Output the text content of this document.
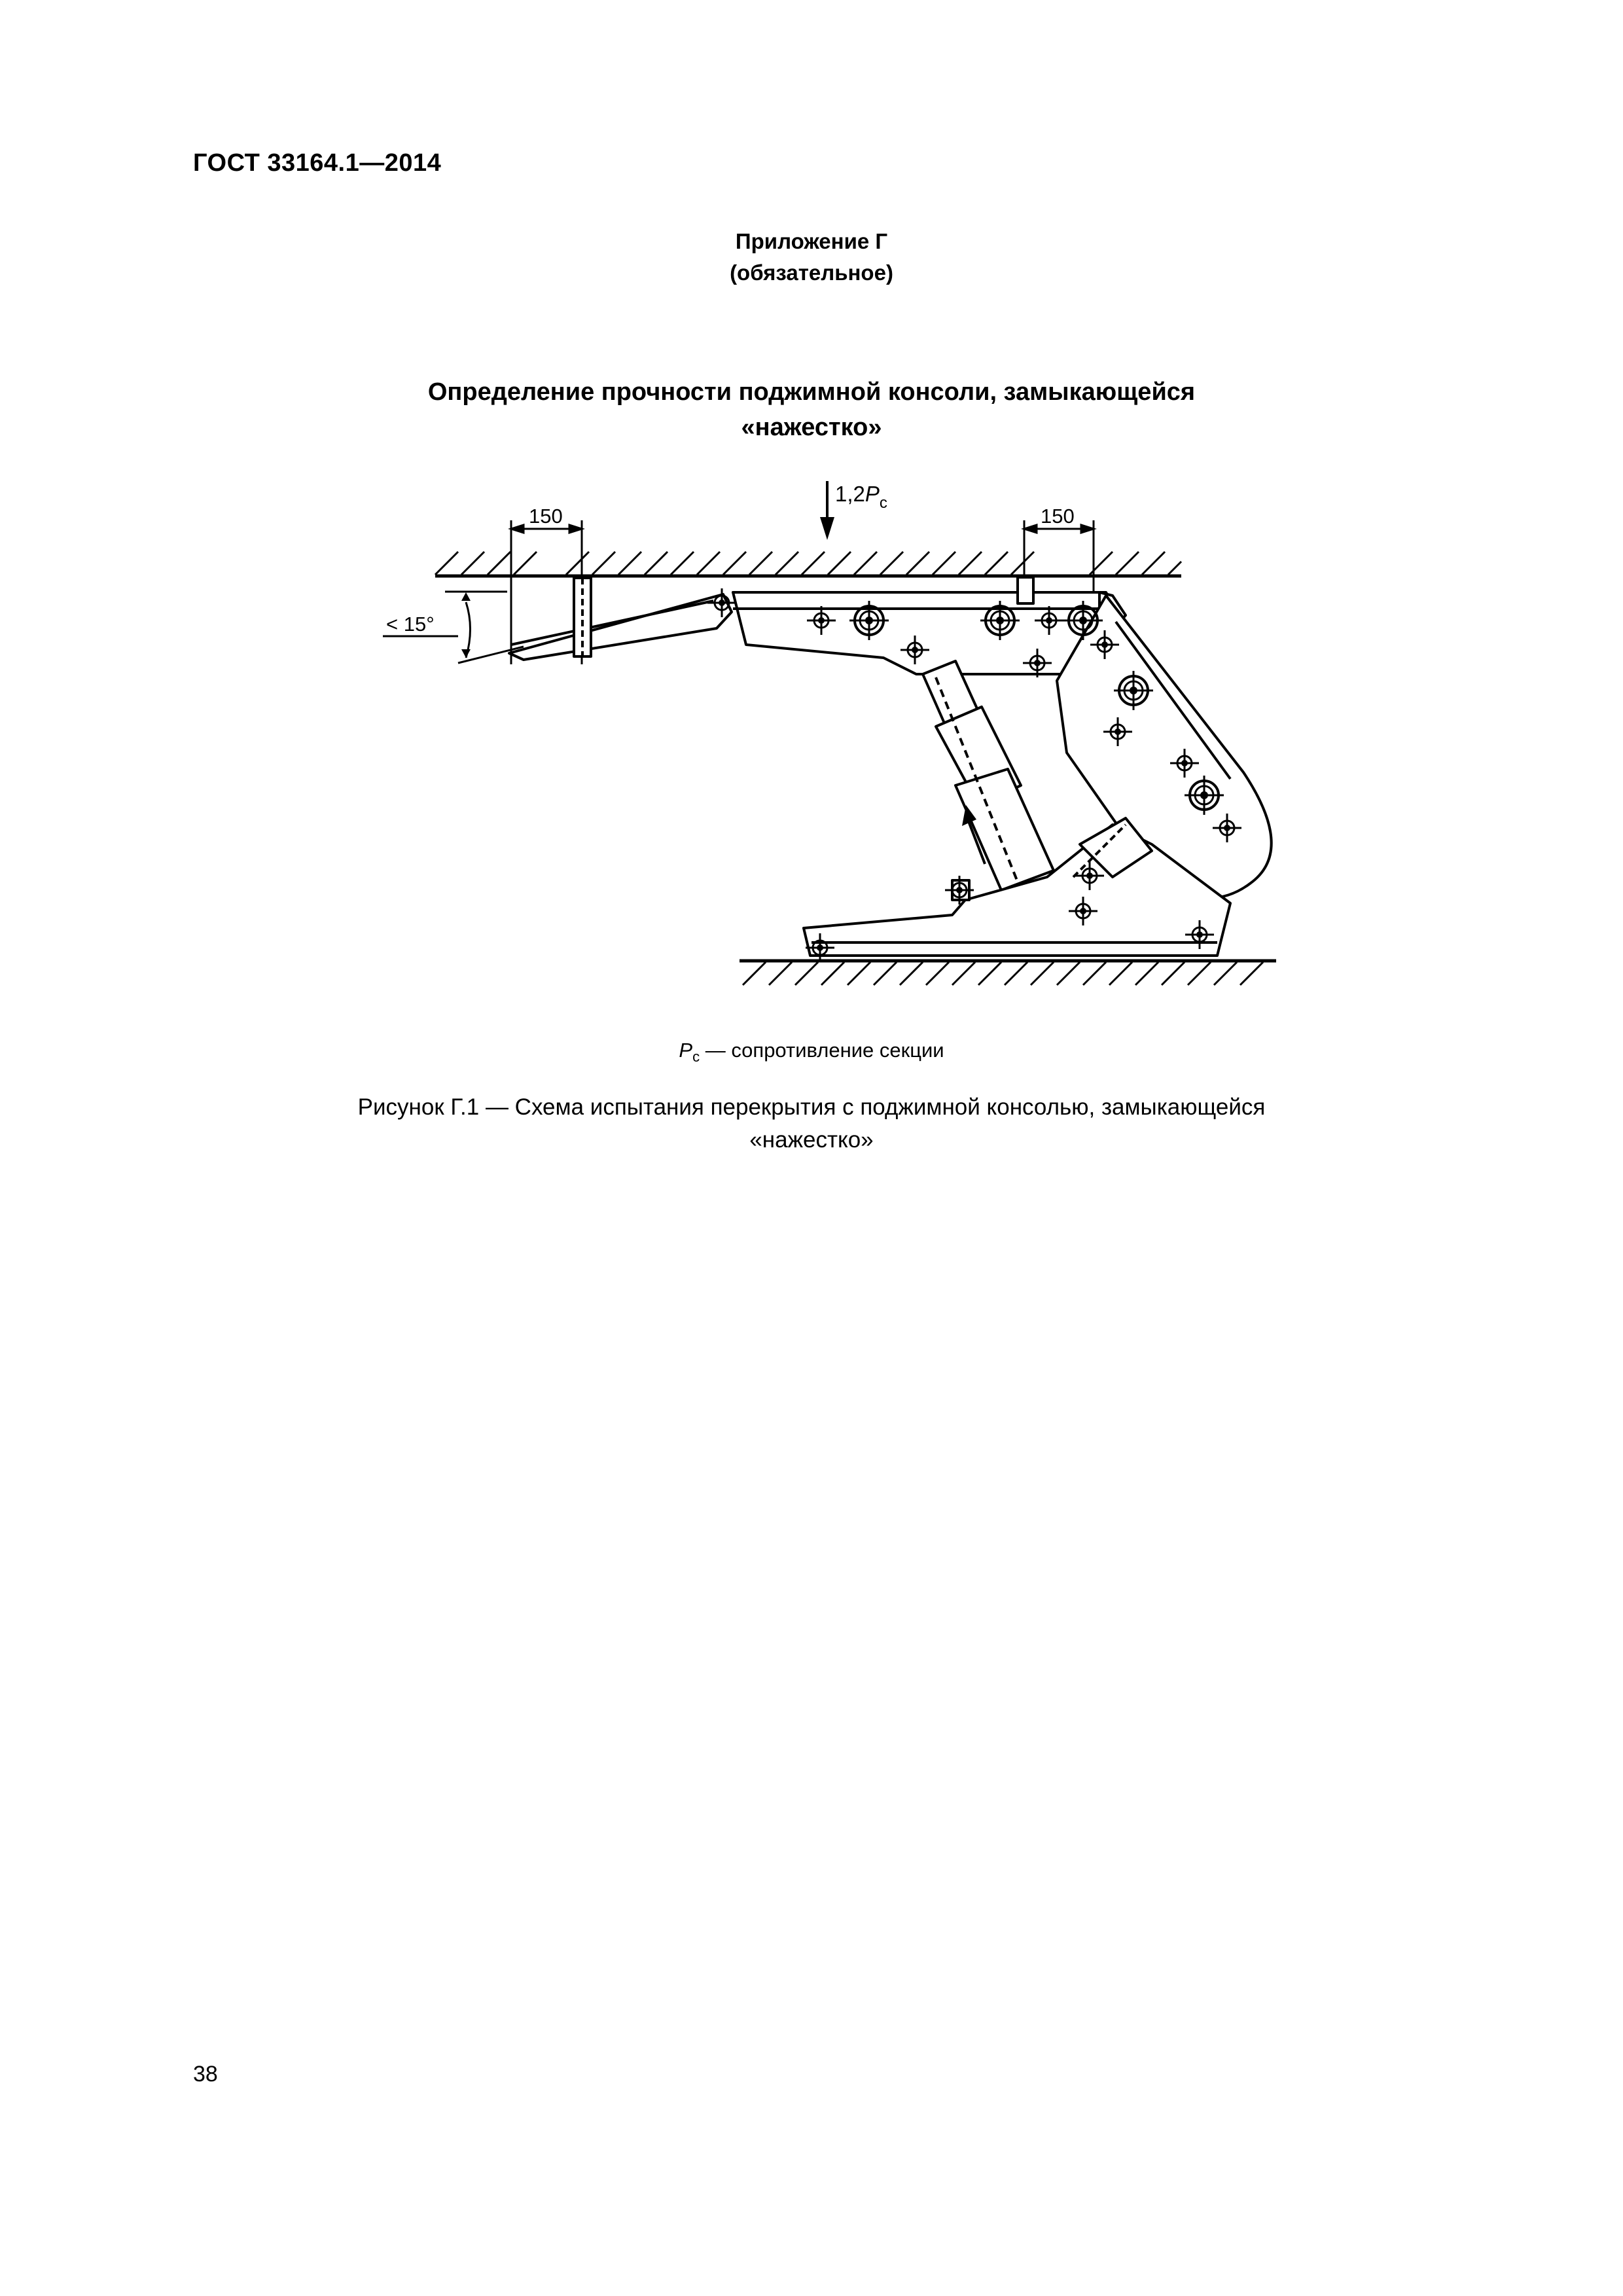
ГОСТ 33164.1—2014
Приложение Г
(обязательное)
Определение прочности поджимной консоли, замыкающейся
«нажестко»
$1,2P_c$
150	150
< 15°
$P_с$ — сопротивление секции
Рисунок Г.1 — Схема испытания перекрытия с поджимной консолью, замыкающейся
«нажестко»
38
